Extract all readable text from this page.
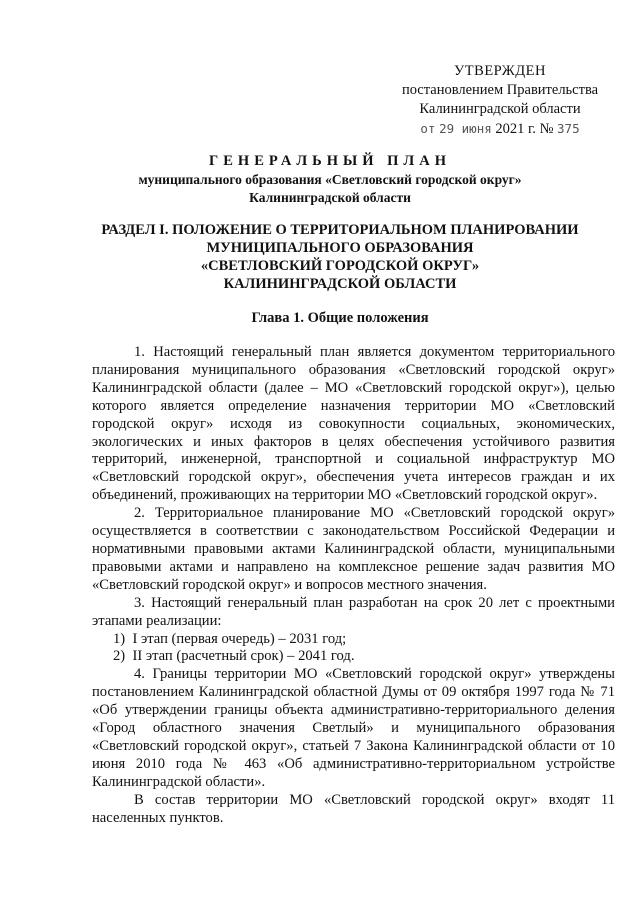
УТВЕРЖДЕН
постановлением Правительства
Калининградской области
от 29 июня 2021 г. № 375
ГЕНЕРАЛЬНЫЙ ПЛАН
муниципального образования «Светловский городской округ»
Калининградской области
РАЗДЕЛ I. ПОЛОЖЕНИЕ О ТЕРРИТОРИАЛЬНОМ ПЛАНИРОВАНИИ
МУНИЦИПАЛЬНОГО ОБРАЗОВАНИЯ
«СВЕТЛОВСКИЙ ГОРОДСКОЙ ОКРУГ»
КАЛИНИНГРАДСКОЙ ОБЛАСТИ
Глава 1. Общие положения

1. Настоящий генеральный план является документом территориального планирования муниципального образования «Светловский городской округ» Калининградской области (далее – МО «Светловский городской округ»), целью которого является определение назначения территории МО «Светловский городской округ» исходя из совокупности социальных, экономических, экологических и иных факторов в целях обеспечения устойчивого развития территорий, инженерной, транспортной и социальной инфраструктур МО «Светловский городской округ», обеспечения учета интересов граждан и их объединений, проживающих на территории МО «Светловский городской округ».

2. Территориальное планирование МО «Светловский городской округ» осуществляется в соответствии с законодательством Российской Федерации и нормативными правовыми актами Калининградской области, муниципальными правовыми актами и направлено на комплексное решение задач развития МО «Светловский городской округ» и вопросов местного значения.

3. Настоящий генеральный план разработан на срок 20 лет с проектными этапами реализации:

1)  I этап (первая очередь) – 2031 год;

2)  II этап (расчетный срок) – 2041 год.

4. Границы территории МО «Светловский городской округ» утверждены постановлением Калининградской областной Думы от 09 октября 1997 года № 71 «Об утверждении границы объекта административно-территориального деления «Город областного значения Светлый» и муниципального образования «Светловский городской округ», статьей 7 Закона Калининградской области от 10 июня 2010 года № 463 «Об административно-территориальном устройстве Калининградской области».

В состав территории МО «Светловский городской округ» входят 11 населенных пунктов.
